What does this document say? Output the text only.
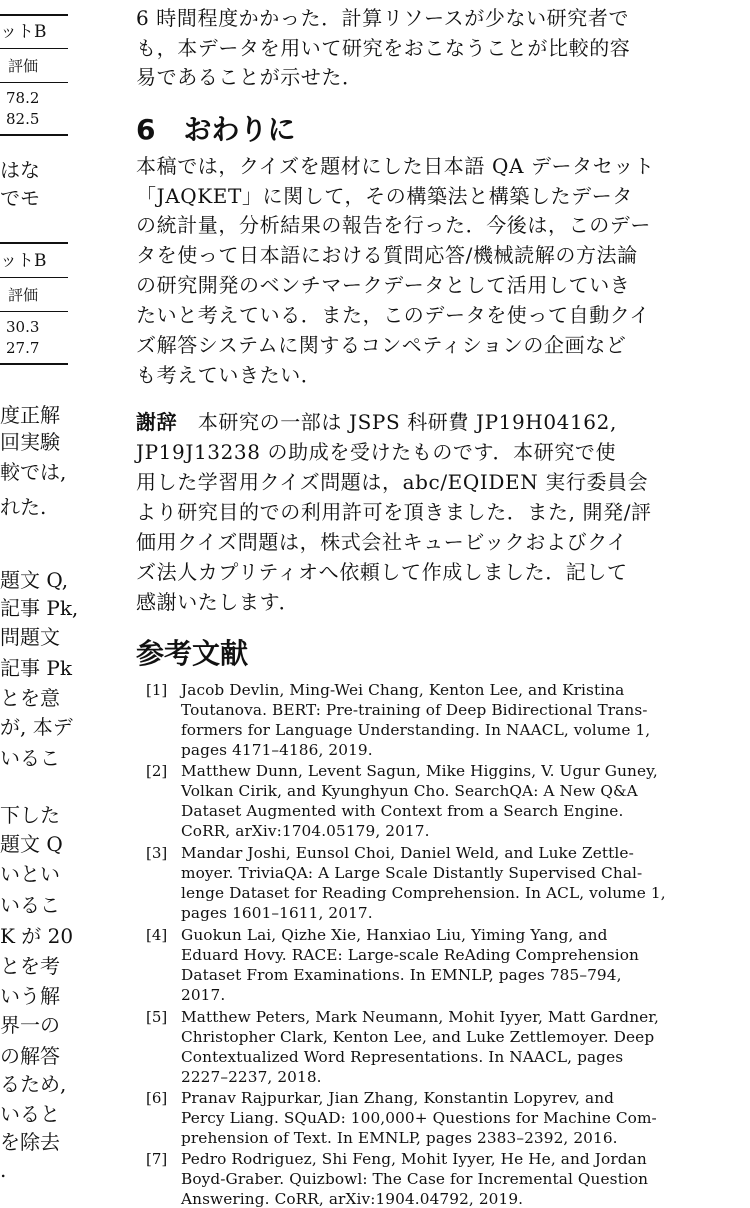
ットB
評価
78.2
82.5
はな
でモ
ットB
評価
30.3
27.7
度正解
回実験
較では,
れた.
題文 Q,
記事 Pk,
問題文
記事 Pk
とを意
が, 本デ
いるこ
下した
題文 Q
いとい
いるこ
K が 20
とを考
いう解
界一の
の解答
るため,
いると
を除去
.
6 時間程度かかった．計算リソースが少ない研究者で
も，本データを用いて研究をおこなうことが比較的容
易であることが示せた．
6　おわりに
本稿では，クイズを題材にした日本語 QA データセット
「JAQKET」に関して，その構築法と構築したデータ
の統計量，分析結果の報告を行った．今後は，このデー
タを使って日本語における質問応答/機械読解の方法論
の研究開発のベンチマークデータとして活用していき
たいと考えている．また，このデータを使って自動クイ
ズ解答システムに関するコンペティションの企画など
も考えていきたい．
謝辞　 本研究の一部は JSPS 科研費 JP19H04162,
JP19J13238 の助成を受けたものです．本研究で使
用した学習用クイズ問題は，abc/EQIDEN 実行委員会
より研究目的での利用許可を頂きました．また, 開発/評
価用クイズ問題は，株式会社キュービックおよびクイ
ズ法人カプリティオへ依頼して作成しました．記して
感謝いたします．
参考文献
[1] Jacob Devlin, Ming-Wei Chang, Kenton Lee, and Kristina
Toutanova. BERT: Pre-training of Deep Bidirectional Trans-
formers for Language Understanding. In NAACL, volume 1,
pages 4171–4186, 2019.
[2] Matthew Dunn, Levent Sagun, Mike Higgins, V. Ugur Guney,
Volkan Cirik, and Kyunghyun Cho. SearchQA: A New Q&A
Dataset Augmented with Context from a Search Engine.
CoRR, arXiv:1704.05179, 2017.
[3] Mandar Joshi, Eunsol Choi, Daniel Weld, and Luke Zettle-
moyer. TriviaQA: A Large Scale Distantly Supervised Chal-
lenge Dataset for Reading Comprehension. In ACL, volume 1,
pages 1601–1611, 2017.
[4] Guokun Lai, Qizhe Xie, Hanxiao Liu, Yiming Yang, and
Eduard Hovy. RACE: Large-scale ReAding Comprehension
Dataset From Examinations. In EMNLP, pages 785–794,
2017.
[5] Matthew Peters, Mark Neumann, Mohit Iyyer, Matt Gardner,
Christopher Clark, Kenton Lee, and Luke Zettlemoyer. Deep
Contextualized Word Representations. In NAACL, pages
2227–2237, 2018.
[6] Pranav Rajpurkar, Jian Zhang, Konstantin Lopyrev, and
Percy Liang. SQuAD: 100,000+ Questions for Machine Com-
prehension of Text. In EMNLP, pages 2383–2392, 2016.
[7] Pedro Rodriguez, Shi Feng, Mohit Iyyer, He He, and Jordan
Boyd-Graber. Quizbowl: The Case for Incremental Question
Answering. CoRR, arXiv:1904.04792, 2019.
